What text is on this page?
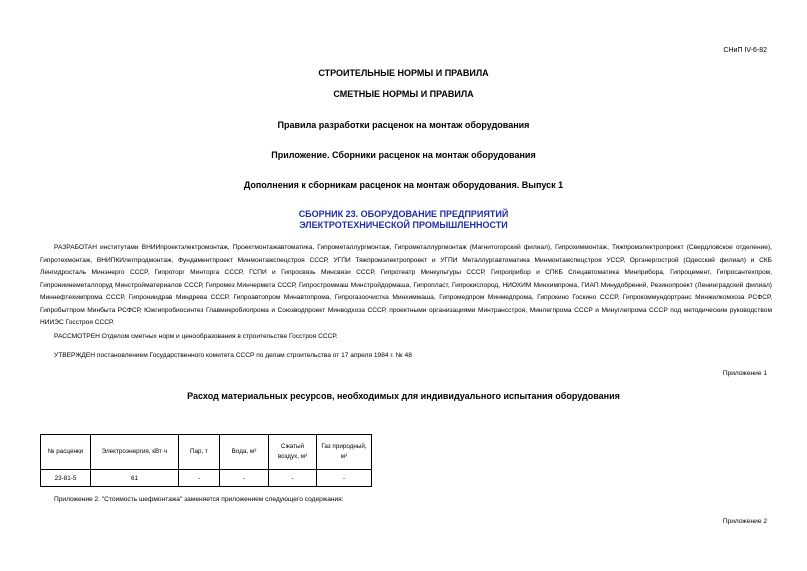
СНиП IV-6-82
СТРОИТЕЛЬНЫЕ НОРМЫ И ПРАВИЛА
СМЕТНЫЕ НОРМЫ И ПРАВИЛА
Правила разработки расценок на монтаж оборудования
Приложение. Сборники расценок на монтаж оборудования
Дополнения к сборникам расценок на монтаж оборудования. Выпуск 1
СБОРНИК 23. ОБОРУДОВАНИЕ ПРЕДПРИЯТИЙ
ЭЛЕКТРОТЕХНИЧЕСКОЙ ПРОМЫШЛЕННОСТИ
РАЗРАБОТАН институтами ВНИИпроектэлектромонтаж, Проектмонтажавтоматика, Гипрометаллургмонтаж, Гипрометаллургмонтаж (Магнитогорский филиал), Гипрохиммонтаж, Тяжпромэлектропроект (Свердловское отделение), Гипротехмонтаж, ВНИПКИлегпродмонтаж, Фундаментпроект Минмонтажспецстроя СССР, УГПИ Тяжпромэлектропроект и УГПИ Металлургавтоматика Минмонтажспецстроя УССР, Оргэнергострой (Одесский филиал) и СКБ Ленгидросталь Минэнерго СССР, Гипроторг Минторга СССР, ГСПИ и Гипросвязь Минсвязи СССР, Гипротеатр Минкультуры СССР, Гипроприбор и СПКБ Спецавтоматика Минприбора, Гипроцемент, Гипросантехпром, Гипрониинеметаллоруд Минстройматериалов СССР, Гипромез Минчермета СССР, Гипростроммаш Минстройдормаша, Гипропласт, Гипрокислород, НИОХИМ Минхимпрома, ГИАП Минудобрений, Резинопроект (Ленинградский филиал) Миннефтехимпрома СССР, Гипрониидрав Миндрева СССР, Гипроавтопром Минавтопрома, Гипрогазоочистка Минхиммаша, Гипромедпром Минмедпрома, Гипрокино Госкино СССР, Гипрокоммундортранс Минжилкомхоза РСФСР, Гипробытпром Минбыта РСФСР, Южгипробиосинтез Главмикробиопрома и Союзводпроект Минводхоза СССР, проектными организациями Минтрансстроя, Минлегпрома СССР и Минуглепрома СССР под методическим руководством НИИЭС Госстроя СССР.
РАССМОТРЕН Отделом сметных норм и ценообразования в строительстве Госстроя СССР.
УТВЕРЖДЕН постановлением Государственного комитета СССР по делам строительства от 17 апреля 1984 г. № 48
Приложение 1
Расход материальных ресурсов, необходимых для индивидуального испытания оборудования
№ расценки	Электроэнергия, кВт·ч	Пар, т	Вода, м³	Сжатый воздух, м³	Газ природный, м³
23-81-5	61	-	-	-	-
Приложение 2. "Стоимость шефмонтажа" заменяется приложением следующего содержания:
Приложение 2
